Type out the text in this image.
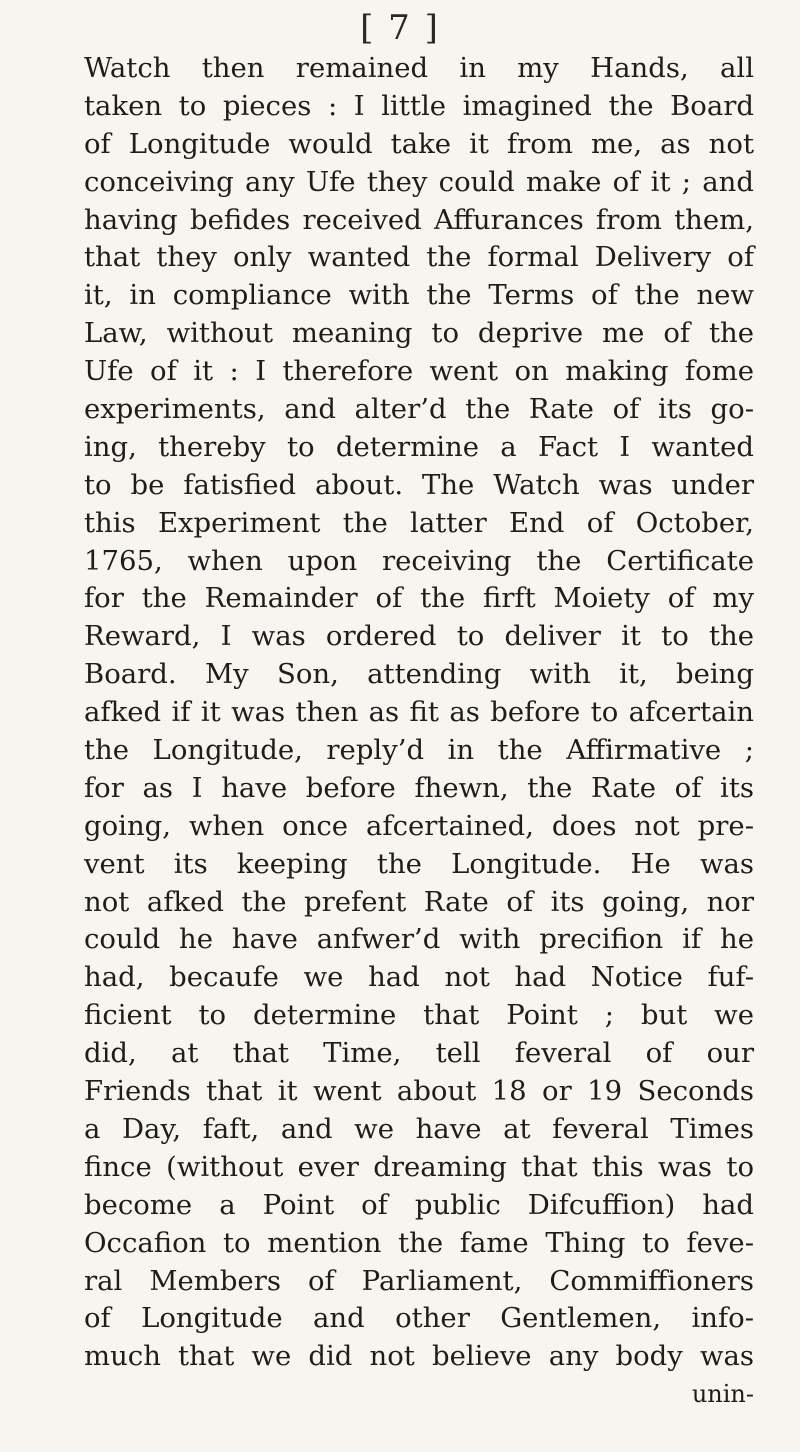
[ 7 ]
Watch then remained in my Hands, all
taken to pieces : I little imagined the Board
of Longitude would take it from me, as not
conceiving any Ufe they could make of it ; and
having befides received Affurances from them,
that they only wanted the formal Delivery of
it, in compliance with the Terms of the new
Law, without meaning to deprive me of the
Ufe of it : I therefore went on making fome
experiments, and alter’d the Rate of its go-
ing, thereby to determine a Fact I wanted
to be fatisfied about. The Watch was under
this Experiment the latter End of October,
1765, when upon receiving the Certificate
for the Remainder of the firft Moiety of my
Reward, I was ordered to deliver it to the
Board. My Son, attending with it, being
afked if it was then as fit as before to afcertain
the Longitude, reply’d in the Affirmative ;
for as I have before fhewn, the Rate of its
going, when once afcertained, does not pre-
vent its keeping the Longitude. He was
not afked the prefent Rate of its going, nor
could he have anfwer’d with precifion if he
had, becaufe we had not had Notice fuf-
ficient to determine that Point ; but we
did, at that Time, tell feveral of our
Friends that it went about 18 or 19 Seconds
a Day, faft, and we have at feveral Times
fince (without ever dreaming that this was to
become a Point of public Difcuffion) had
Occafion to mention the fame Thing to feve-
ral Members of Parliament, Commiffioners
of Longitude and other Gentlemen, info-
much that we did not believe any body was
unin-
